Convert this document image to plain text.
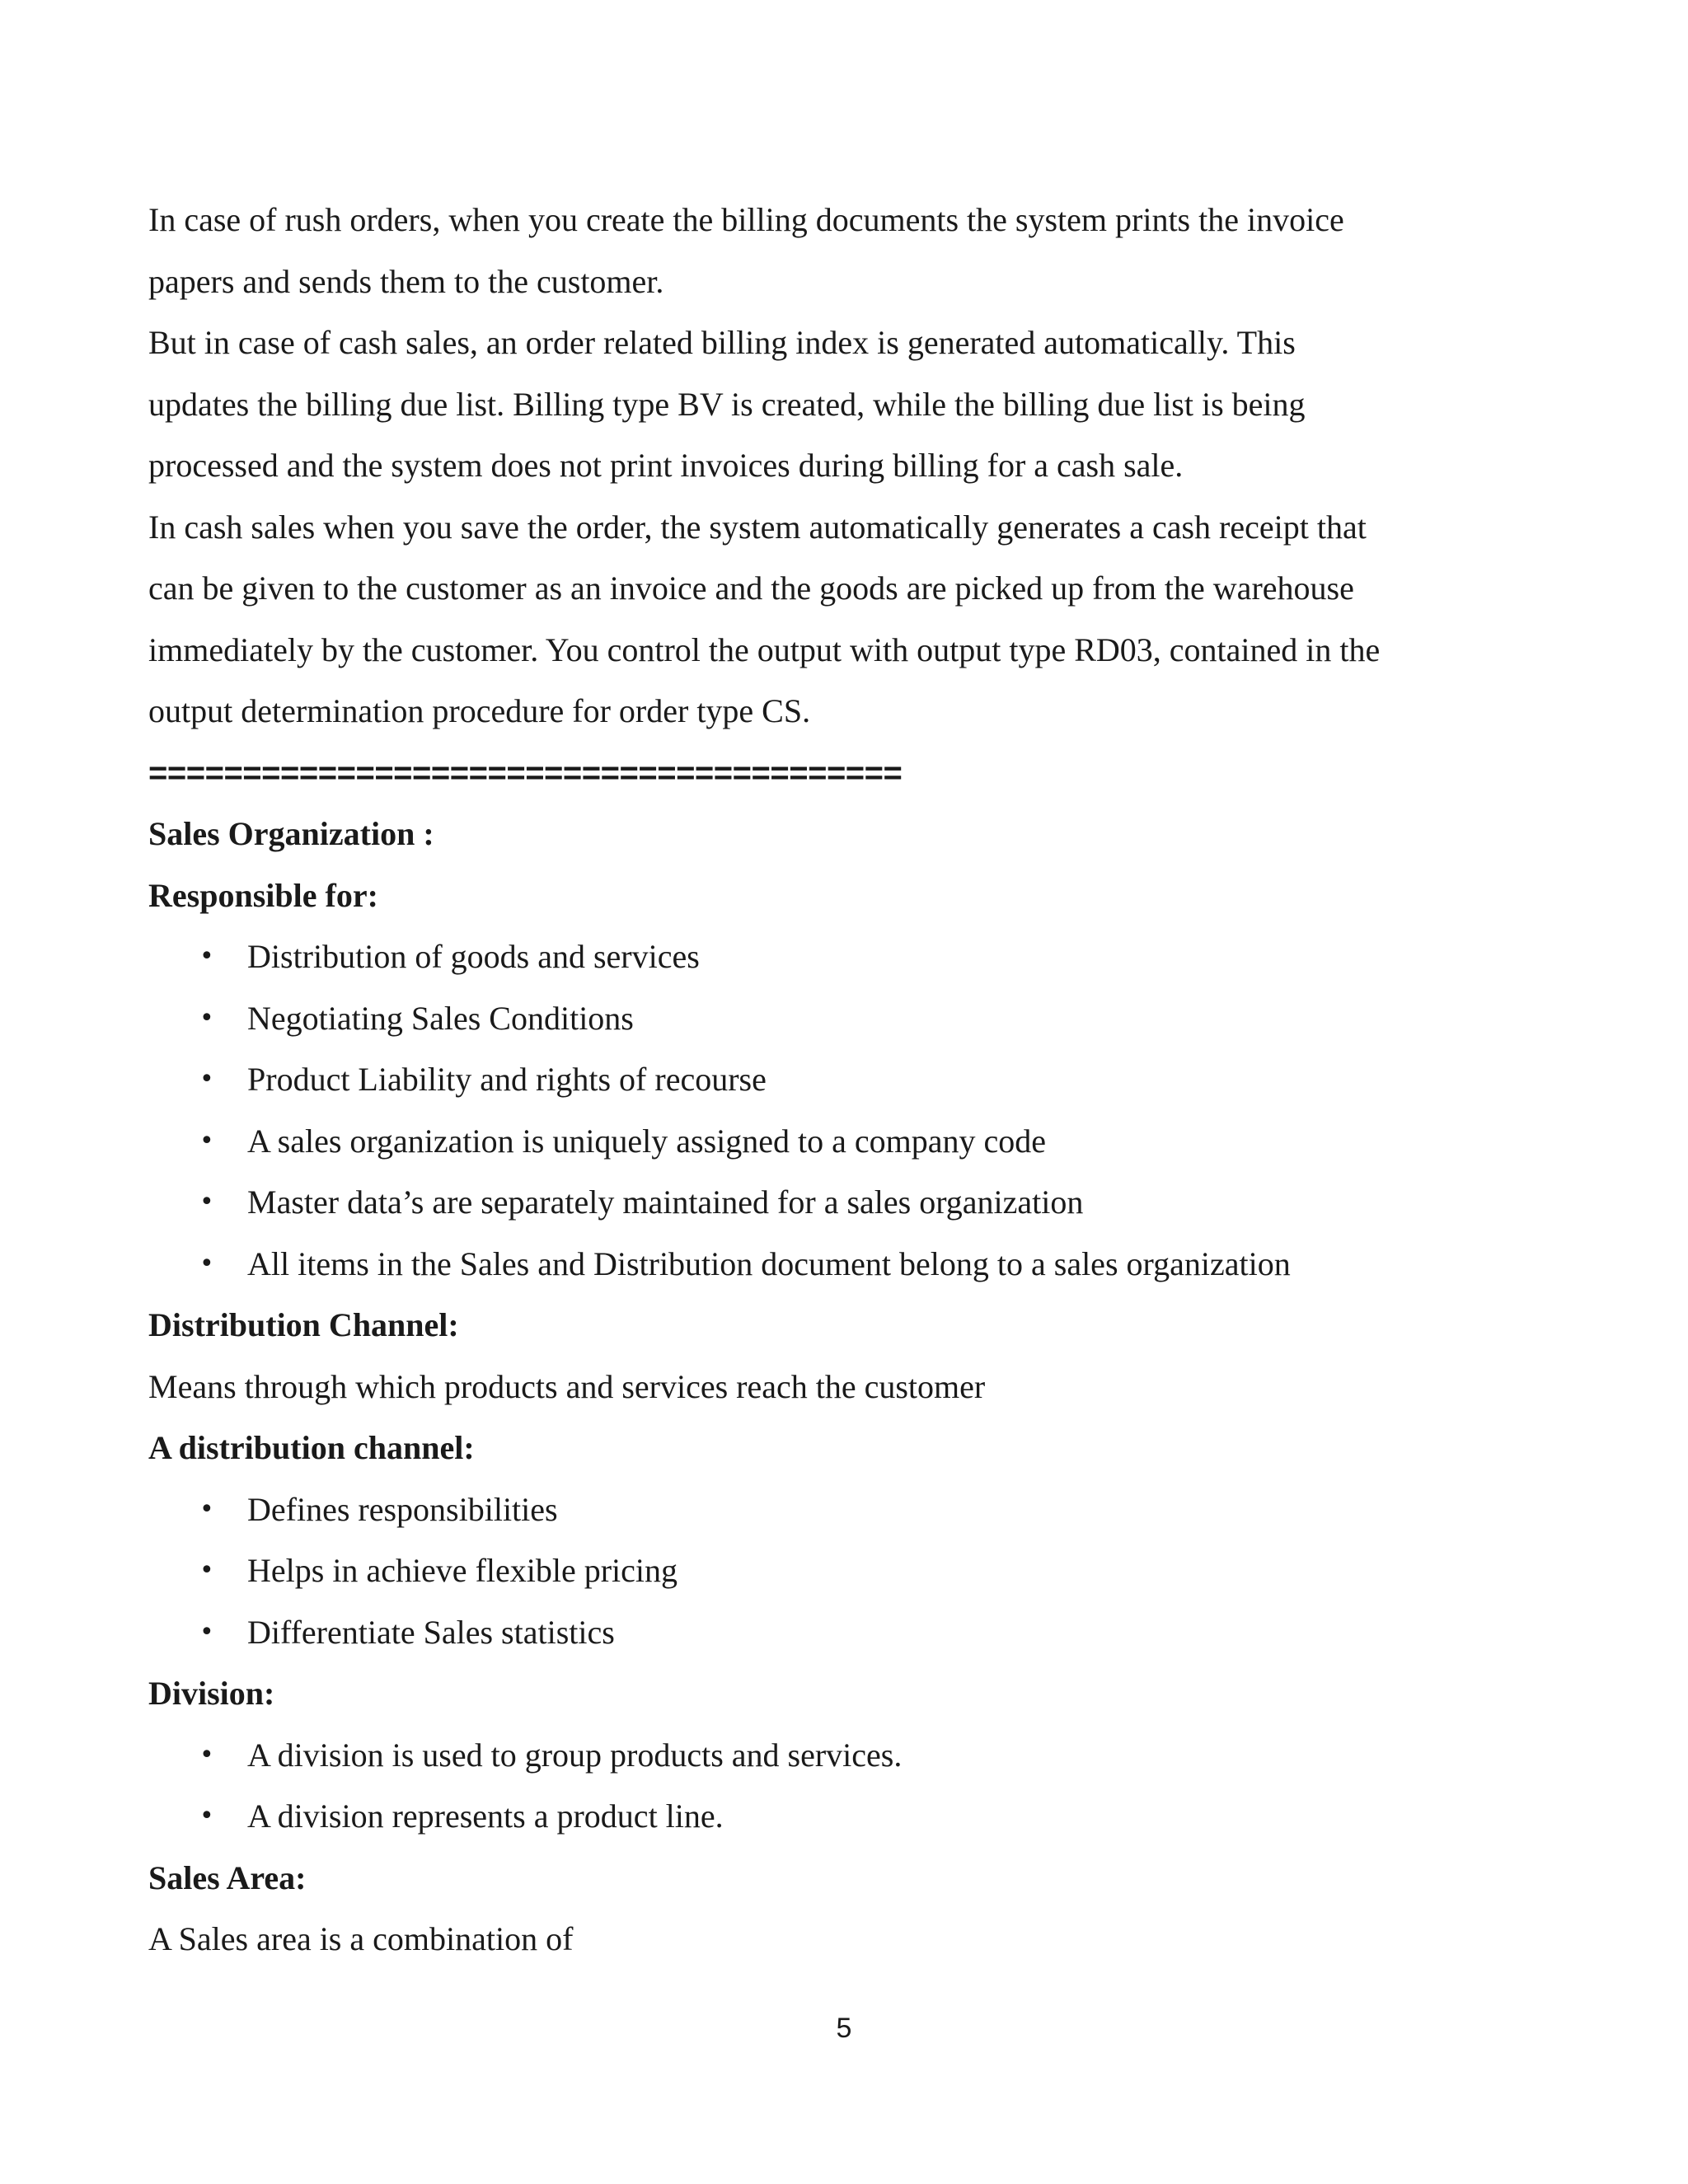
In case of rush orders, when you create the billing documents the system prints the invoice
papers and sends them to the customer.
But in case of cash sales, an order related billing index is generated automatically. This
updates the billing due list. Billing type BV is created, while the billing due list is being
processed and the system does not print invoices during billing for a cash sale.
In cash sales when you save the order, the system automatically generates a cash receipt that
can be given to the customer as an invoice and the goods are picked up from the warehouse
immediately by the customer. You control the output with output type RD03, contained in the
output determination procedure for order type CS.
========================================
Sales Organization :
Responsible for:
• Distribution of goods and services
• Negotiating Sales Conditions
• Product Liability and rights of recourse
• A sales organization is uniquely assigned to a company code
• Master data’s are separately maintained for a sales organization
• All items in the Sales and Distribution document belong to a sales organization
Distribution Channel:
Means through which products and services reach the customer
A distribution channel:
• Defines responsibilities
• Helps in achieve flexible pricing
• Differentiate Sales statistics
Division:
• A division is used to group products and services.
• A division represents a product line.
Sales Area:
A Sales area is a combination of
5
